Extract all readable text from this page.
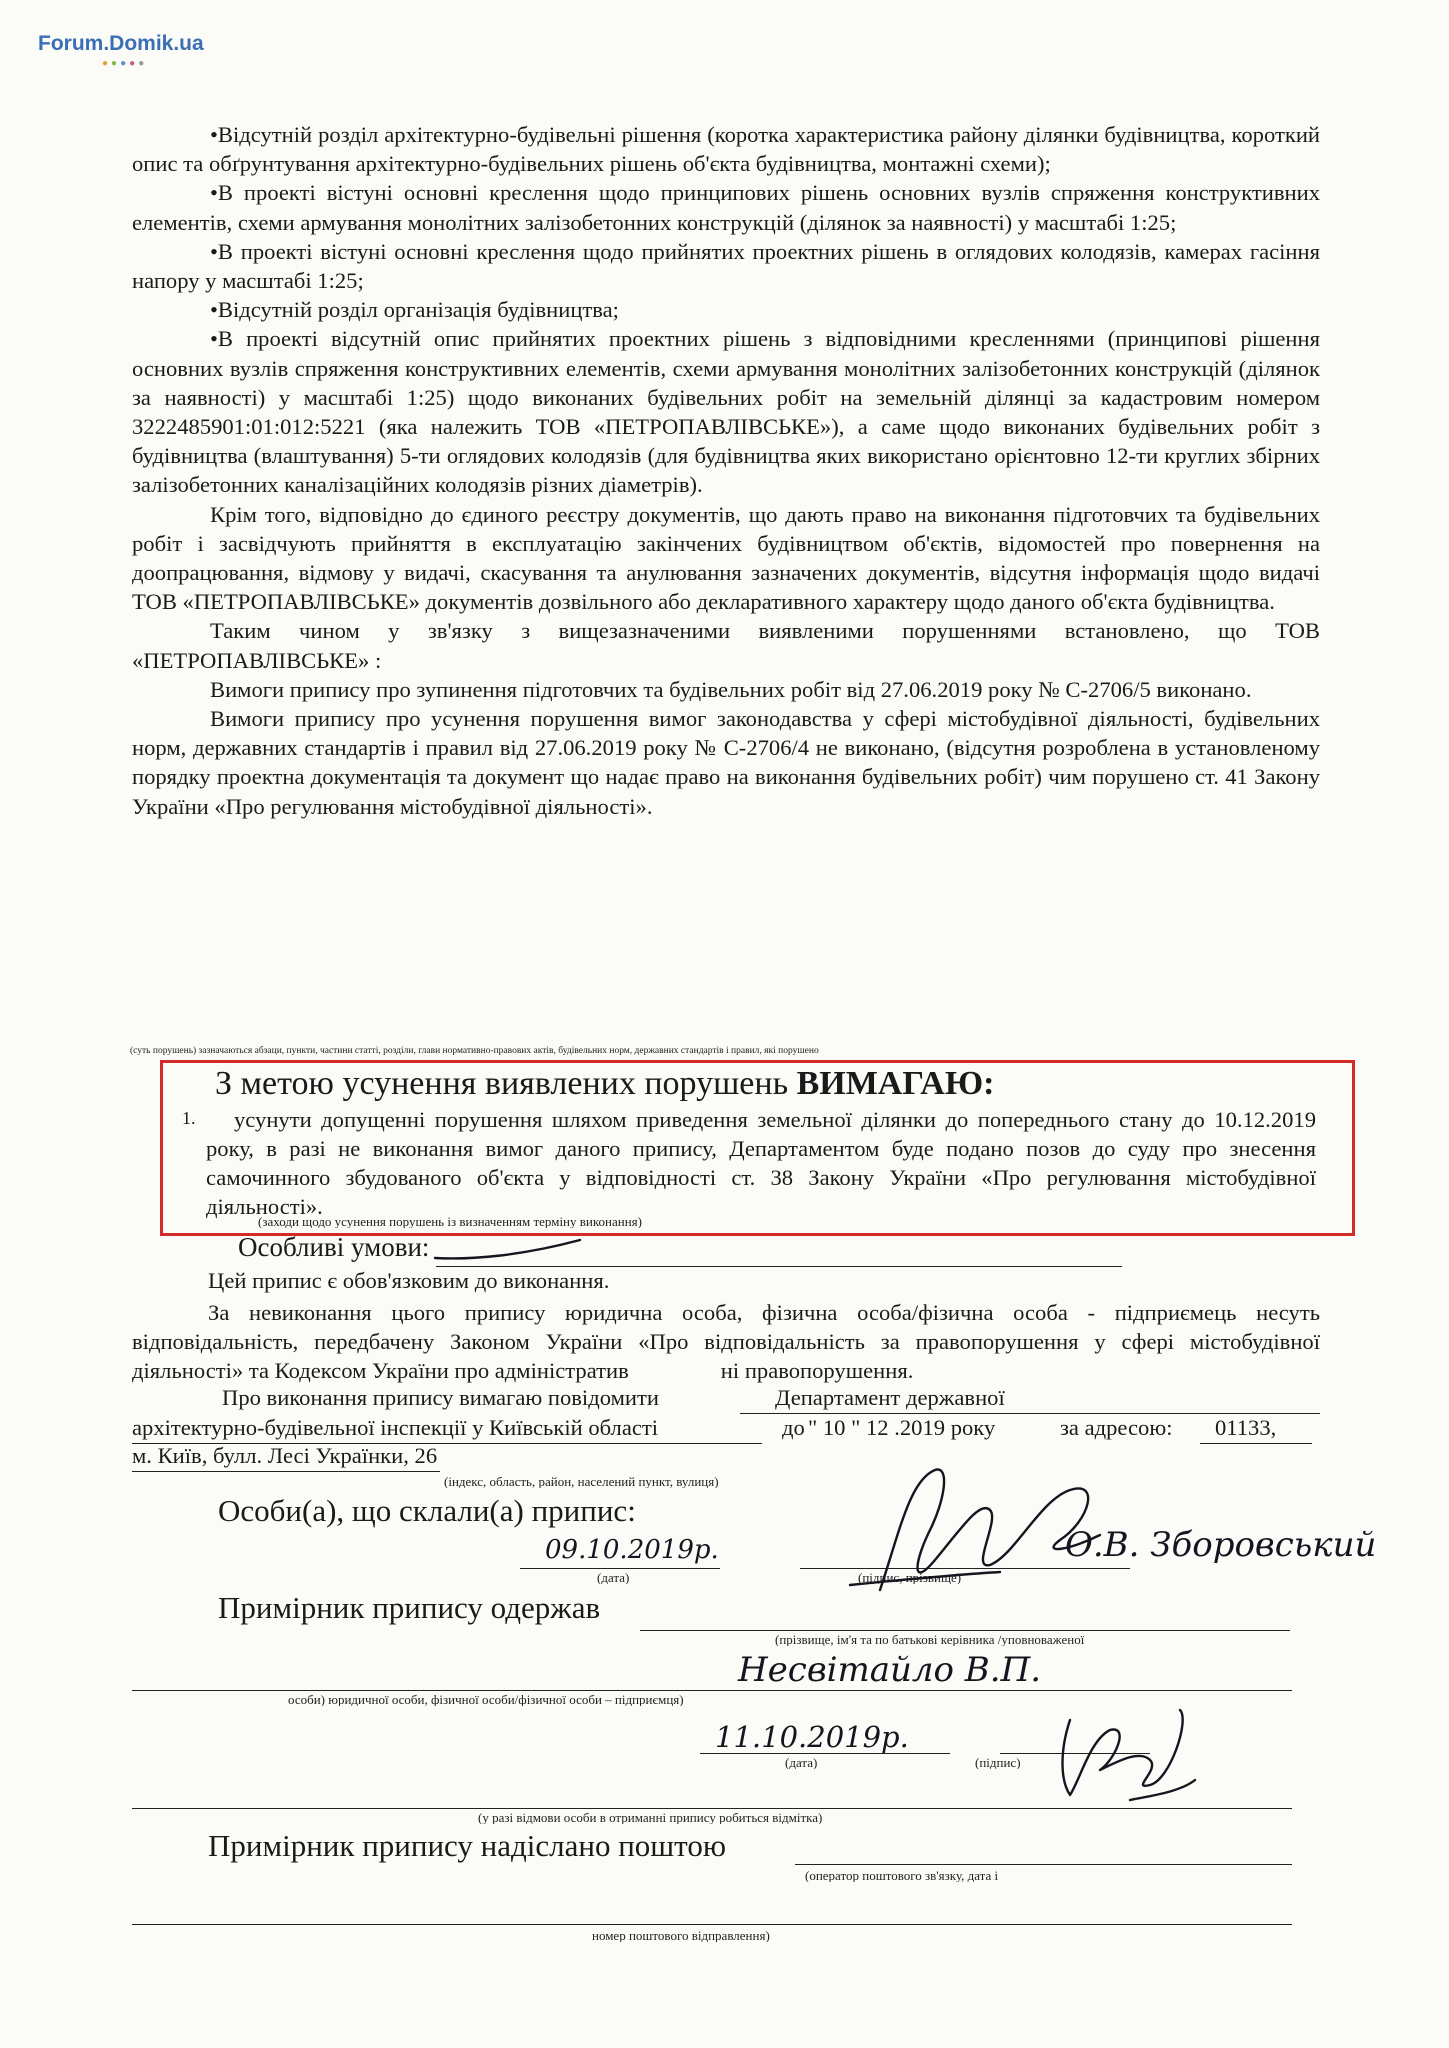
Forum.Domik.ua
●●●●●

•Відсутній розділ архітектурно-будівельні рішення (коротка характеристика району ділянки будівництва, короткий опис та обґрунтування архітектурно-будівельних рішень об'єкта будівництва, монтажні схеми);

•В проекті вістуні основні креслення щодо принципових рішень основних вузлів спряження конструктивних елементів, схеми армування монолітних залізобетонних конструкцій (ділянок за наявності) у масштабі 1:25;

•В проекті вістуні основні креслення щодо прийнятих проектних рішень в оглядових колодязів, камерах гасіння напору у масштабі 1:25;

•Відсутній розділ організація будівництва;

•В проекті відсутній опис прийнятих проектних рішень з відповідними кресленнями (принципові рішення основних вузлів спряження конструктивних елементів, схеми армування монолітних залізобетонних конструкцій (ділянок за наявності) у масштабі 1:25) щодо виконаних будівельних робіт на земельній ділянці за кадастровим номером 3222485901:01:012:5221 (яка належить ТОВ «ПЕТРОПАВЛІВСЬКЕ»), а саме щодо виконаних будівельних робіт з будівництва (влаштування) 5-ти оглядових колодязів (для будівництва яких використано орієнтовно 12-ти круглих збірних залізобетонних каналізаційних колодязів різних діаметрів).

Крім того, відповідно до єдиного реєстру документів, що дають право на виконання підготовчих та будівельних робіт і засвідчують прийняття в експлуатацію закінчених будівництвом об'єктів, відомостей про повернення на доопрацювання, відмову у видачі, скасування та анулювання зазначених документів, відсутня інформація щодо видачі ТОВ «ПЕТРОПАВЛІВСЬКЕ» документів дозвільного або декларативного характеру щодо даного об'єкта будівництва.

Таким чином у зв'язку з вищезазначеними виявленими порушеннями встановлено, що ТОВ «ПЕТРОПАВЛІВСЬКЕ» :

Вимоги припису про зупинення підготовчих та будівельних робіт від 27.06.2019 року № С-2706/5 виконано.

Вимоги припису про усунення порушення вимог законодавства у сфері містобудівної діяльності, будівельних норм, державних стандартів і правил від 27.06.2019 року № С-2706/4 не виконано, (відсутня розроблена в установленому порядку проектна документація та документ що надає право на виконання будівельних робіт) чим порушено ст. 41 Закону України «Про регулювання містобудівної діяльності».

(суть порушень) зазначаються абзаци, пункти, частини статті, розділи, глави нормативно-правових актів, будівельних норм, державних стандартів і правил, які порушено
З метою усунення виявлених порушень ВИМАГАЮ:
1.	усунути допущенні порушення шляхом приведення земельної ділянки до попереднього стану до 10.12.2019 року, в разі не виконання вимог даного припису, Департаментом буде подано позов до суду про знесення самочинного збудованого об'єкта у відповідності ст. 38 Закону України «Про регулювання містобудівної діяльності».
(заходи щодо усунення порушень із визначенням терміну виконання)
Особливі умови:
Цей припис є обов'язковим до виконання.
За невиконання цього припису юридична особа, фізична особа/фізична особа - підприємець несуть відповідальність, передбачену Законом України «Про відповідальність за правопорушення у сфері містобудівної діяльності» та Кодексом України про адміністратив	ні правопорушення.
Про виконання припису вимагаю повідомити	Департамент державної
архітектурно-будівельної інспекції у Київській області	до " 10 " 12 .2019 року	за адресою: 01133,
м. Київ, булл. Лесі Українки, 26
(індекс, область, район, населений пункт, вулиця)
Особи(а), що склали(а) припис:
09.10.2019р.
(дата)
О.В. Зборовський
(підпис, прізвище)
Примірник припису одержав
(прізвище, ім'я та по батькові керівника /уповноваженої
Несвітайло В.П.
особи) юридичної особи, фізичної особи/фізичної особи – підприємця)
11.10.2019р.
(дата)	(підпис)
(у разі відмови особи в отриманні припису робиться відмітка)
Примірник припису надіслано поштою
(оператор поштового зв'язку, дата і
номер поштового відправлення)
